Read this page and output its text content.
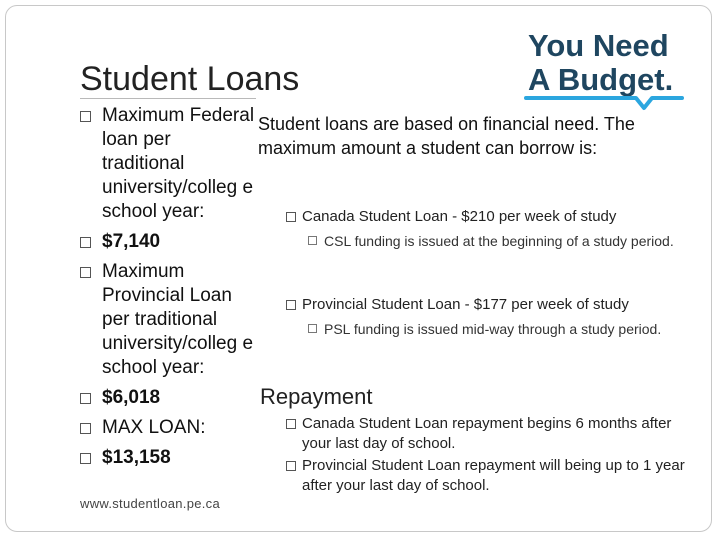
Student Loans
Maximum Federal loan per traditional university/colleg e school year:
$7,140
Maximum Provincial Loan per traditional university/colleg e school year:
$6,018
MAX LOAN:
$13,158
www.studentloan.pe.ca
Student loans are based on financial need. The maximum amount a student can borrow is:
Canada Student Loan - $210 per week of study
CSL funding is issued at the beginning of a study period.
Provincial Student Loan - $177 per week of study
PSL funding is issued mid-way through a study period.
Repayment
Canada Student Loan repayment begins 6 months after your last day of school.
Provincial Student Loan repayment will being up to 1 year after your last day of school.
You Need
A Budget.
